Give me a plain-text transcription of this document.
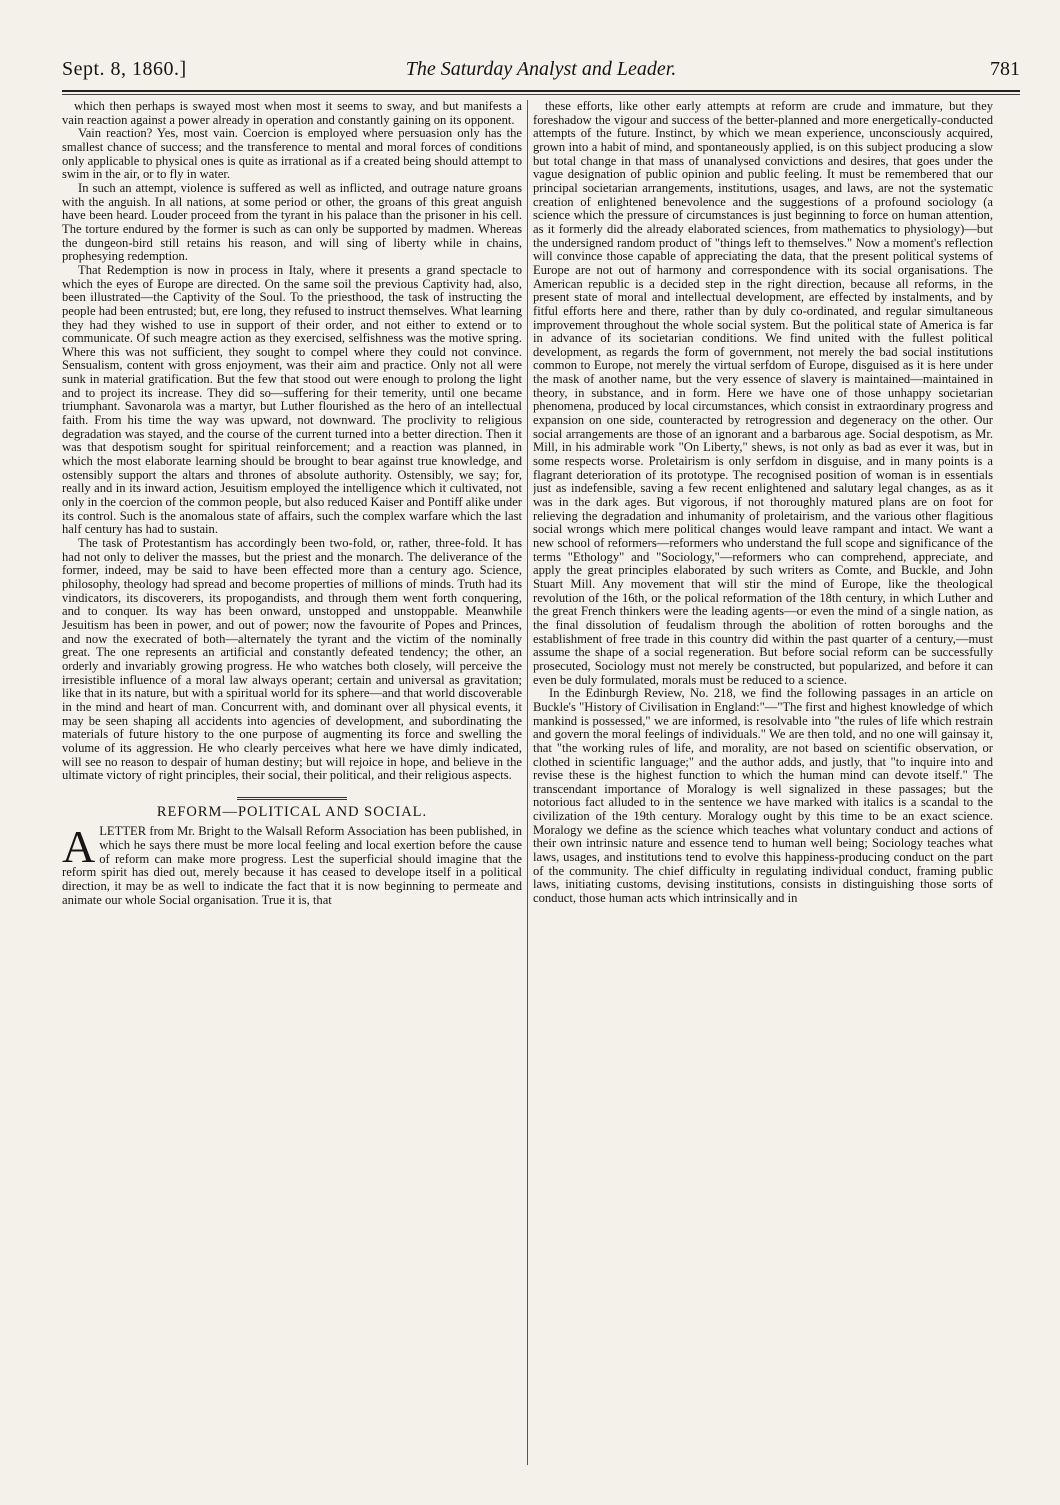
Sept. 8, 1860.]	The Saturday Analyst and Leader.	781

which then perhaps is swayed most when most it seems to sway, and but manifests a vain reaction against a power already in operation and constantly gaining on its opponent.

Vain reaction? Yes, most vain. Coercion is employed where persuasion only has the smallest chance of success; and the transference to mental and moral forces of conditions only applicable to physical ones is quite as irrational as if a created being should attempt to swim in the air, or to fly in water.

In such an attempt, violence is suffered as well as inflicted, and outrage nature groans with the anguish. In all nations, at some period or other, the groans of this great anguish have been heard. Louder proceed from the tyrant in his palace than the prisoner in his cell. The torture endured by the former is such as can only be supported by madmen. Whereas the dungeon-bird still retains his reason, and will sing of liberty while in chains, prophesying redemption.

That Redemption is now in process in Italy, where it presents a grand spectacle to which the eyes of Europe are directed. On the same soil the previous Captivity had, also, been illustrated—the Captivity of the Soul. To the priesthood, the task of instructing the people had been entrusted; but, ere long, they refused to instruct themselves. What learning they had they wished to use in support of their order, and not either to extend or to communicate. Of such meagre action as they exercised, selfishness was the motive spring. Where this was not sufficient, they sought to compel where they could not convince. Sensualism, content with gross enjoyment, was their aim and practice. Only not all were sunk in material gratification. But the few that stood out were enough to prolong the light and to project its increase. They did so—suffering for their temerity, until one became triumphant. Savonarola was a martyr, but Luther flourished as the hero of an intellectual faith. From his time the way was upward, not downward. The proclivity to religious degradation was stayed, and the course of the current turned into a better direction. Then it was that despotism sought for spiritual reinforcement; and a reaction was planned, in which the most elaborate learning should be brought to bear against true knowledge, and ostensibly support the altars and thrones of absolute authority. Ostensibly, we say; for, really and in its inward action, Jesuitism employed the intelligence which it cultivated, not only in the coercion of the common people, but also reduced Kaiser and Pontiff alike under its control. Such is the anomalous state of affairs, such the complex warfare which the last half century has had to sustain.

The task of Protestantism has accordingly been two-fold, or, rather, three-fold. It has had not only to deliver the masses, but the priest and the monarch. The deliverance of the former, indeed, may be said to have been effected more than a century ago. Science, philosophy, theology had spread and become properties of millions of minds. Truth had its vindicators, its discoverers, its propogandists, and through them went forth conquering, and to conquer. Its way has been onward, unstopped and unstoppable. Meanwhile Jesuitism has been in power, and out of power; now the favourite of Popes and Princes, and now the execrated of both—alternately the tyrant and the victim of the nominally great. The one represents an artificial and constantly defeated tendency; the other, an orderly and invariably growing progress. He who watches both closely, will perceive the irresistible influence of a moral law always operant; certain and universal as gravitation; like that in its nature, but with a spiritual world for its sphere—and that world discoverable in the mind and heart of man. Concurrent with, and dominant over all physical events, it may be seen shaping all accidents into agencies of development, and subordinating the materials of future history to the one purpose of augmenting its force and swelling the volume of its aggression. He who clearly perceives what here we have dimly indicated, will see no reason to despair of human destiny; but will rejoice in hope, and believe in the ultimate victory of right principles, their social, their political, and their religious aspects.

REFORM—POLITICAL AND SOCIAL.

ALETTER from Mr. Bright to the Walsall Reform Association has been published, in which he says there must be more local feeling and local exertion before the cause of reform can make more progress. Lest the superficial should imagine that the reform spirit has died out, merely because it has ceased to develope itself in a political direction, it may be as well to indicate the fact that it is now beginning to permeate and animate our whole Social organisation. True it is, that

these efforts, like other early attempts at reform are crude and immature, but they foreshadow the vigour and success of the better-planned and more energetically-conducted attempts of the future. Instinct, by which we mean experience, unconsciously acquired, grown into a habit of mind, and spontaneously applied, is on this subject producing a slow but total change in that mass of unanalysed convictions and desires, that goes under the vague designation of public opinion and public feeling. It must be remembered that our principal societarian arrangements, institutions, usages, and laws, are not the systematic creation of enlightened benevolence and the suggestions of a profound sociology (a science which the pressure of circumstances is just beginning to force on human attention, as it formerly did the already elaborated sciences, from mathematics to physiology)—but the undersigned random product of "things left to themselves." Now a moment's reflection will convince those capable of appreciating the data, that the present political systems of Europe are not out of harmony and correspondence with its social organisations. The American republic is a decided step in the right direction, because all reforms, in the present state of moral and intellectual development, are effected by instalments, and by fitful efforts here and there, rather than by duly co-ordinated, and regular simultaneous improvement throughout the whole social system. But the political state of America is far in advance of its societarian conditions. We find united with the fullest political development, as regards the form of government, not merely the bad social institutions common to Europe, not merely the virtual serfdom of Europe, disguised as it is here under the mask of another name, but the very essence of slavery is maintained—maintained in theory, in substance, and in form. Here we have one of those unhappy societarian phenomena, produced by local circumstances, which consist in extraordinary progress and expansion on one side, counteracted by retrogression and degeneracy on the other. Our social arrangements are those of an ignorant and a barbarous age. Social despotism, as Mr. Mill, in his admirable work "On Liberty," shews, is not only as bad as ever it was, but in some respects worse. Proletairism is only serfdom in disguise, and in many points is a flagrant deterioration of its prototype. The recognised position of woman is in essentials just as indefensible, saving a few recent enlightened and salutary legal changes, as as it was in the dark ages. But vigorous, if not thoroughly matured plans are on foot for relieving the degradation and inhumanity of proletairism, and the various other flagitious social wrongs which mere political changes would leave rampant and intact. We want a new school of reformers—reformers who understand the full scope and significance of the terms "Ethology" and "Sociology,"—reformers who can comprehend, appreciate, and apply the great principles elaborated by such writers as Comte, and Buckle, and John Stuart Mill. Any movement that will stir the mind of Europe, like the theological revolution of the 16th, or the polical reformation of the 18th century, in which Luther and the great French thinkers were the leading agents—or even the mind of a single nation, as the final dissolution of feudalism through the abolition of rotten boroughs and the establishment of free trade in this country did within the past quarter of a century,—must assume the shape of a social regeneration. But before social reform can be successfully prosecuted, Sociology must not merely be constructed, but popularized, and before it can even be duly formulated, morals must be reduced to a science.

In the Edinburgh Review, No. 218, we find the following passages in an article on Buckle's "History of Civilisation in England:"—"The first and highest knowledge of which mankind is possessed," we are informed, is resolvable into "the rules of life which restrain and govern the moral feelings of individuals." We are then told, and no one will gainsay it, that "the working rules of life, and morality, are not based on scientific observation, or clothed in scientific language;" and the author adds, and justly, that "to inquire into and revise these is the highest function to which the human mind can devote itself." The transcendant importance of Moralogy is well signalized in these passages; but the notorious fact alluded to in the sentence we have marked with italics is a scandal to the civilization of the 19th century. Moralogy ought by this time to be an exact science. Moralogy we define as the science which teaches what voluntary conduct and actions of their own intrinsic nature and essence tend to human well being; Sociology teaches what laws, usages, and institutions tend to evolve this happiness-producing conduct on the part of the community. The chief difficulty in regulating individual conduct, framing public laws, initiating customs, devising institutions, consists in distinguishing those sorts of conduct, those human acts which intrinsically and in
